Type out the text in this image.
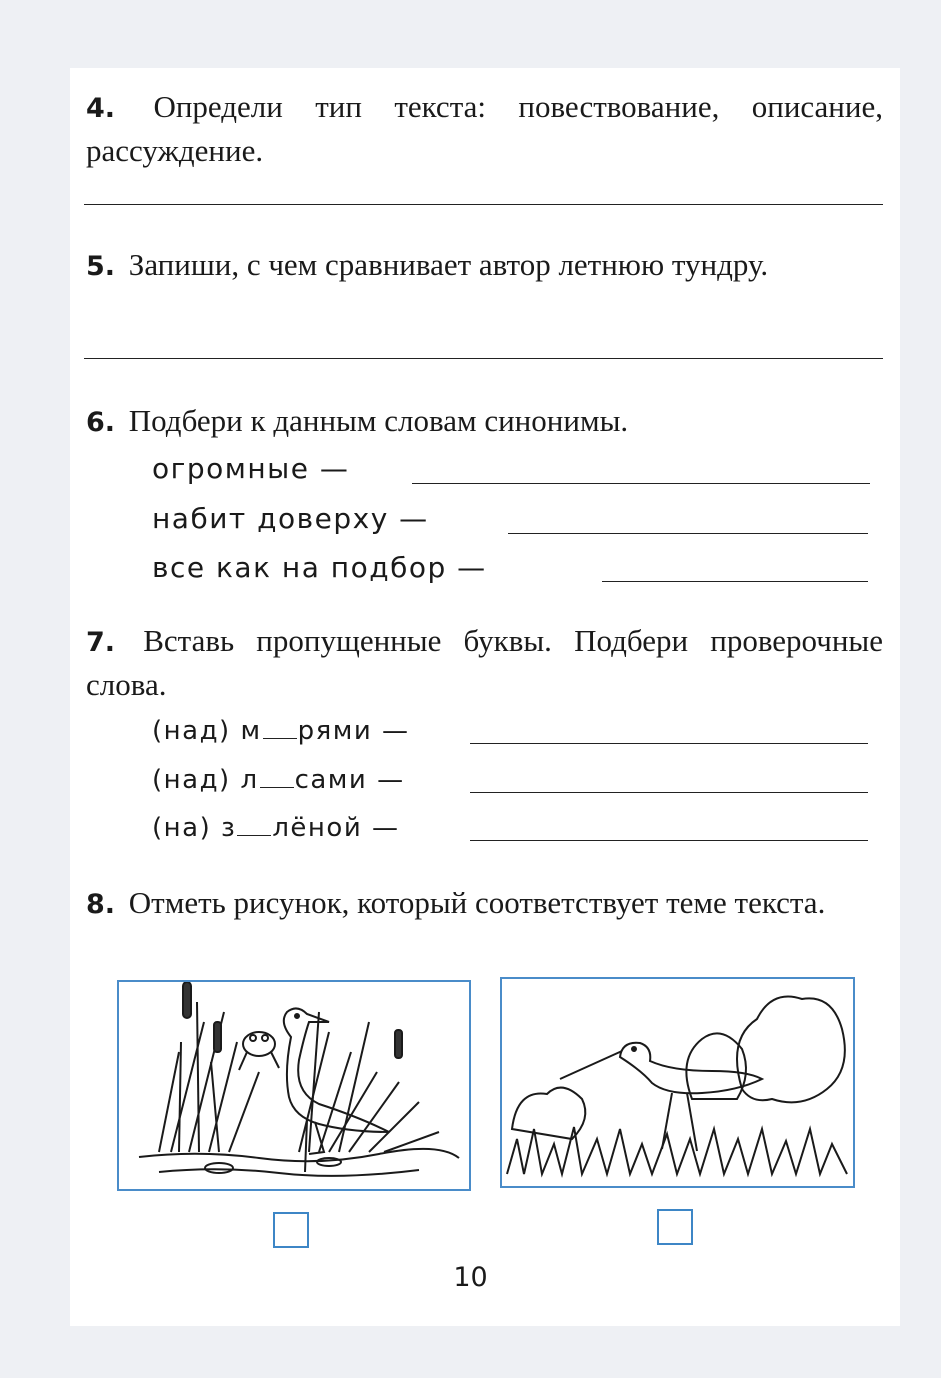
4. Определи тип текста: повествование, описание, рассуждение.
5. Запиши, с чем сравнивает автор летнюю тундру.
6. Подбери к данным словам синонимы.
огромные —
набит доверху —
все как на подбор —
7. Вставь пропущенные буквы. Подбери проверочные слова.
(над) м рями —
(над) л сами —
(на) з лёной —
8. Отметь рисунок, который соответствует теме текста.
10
